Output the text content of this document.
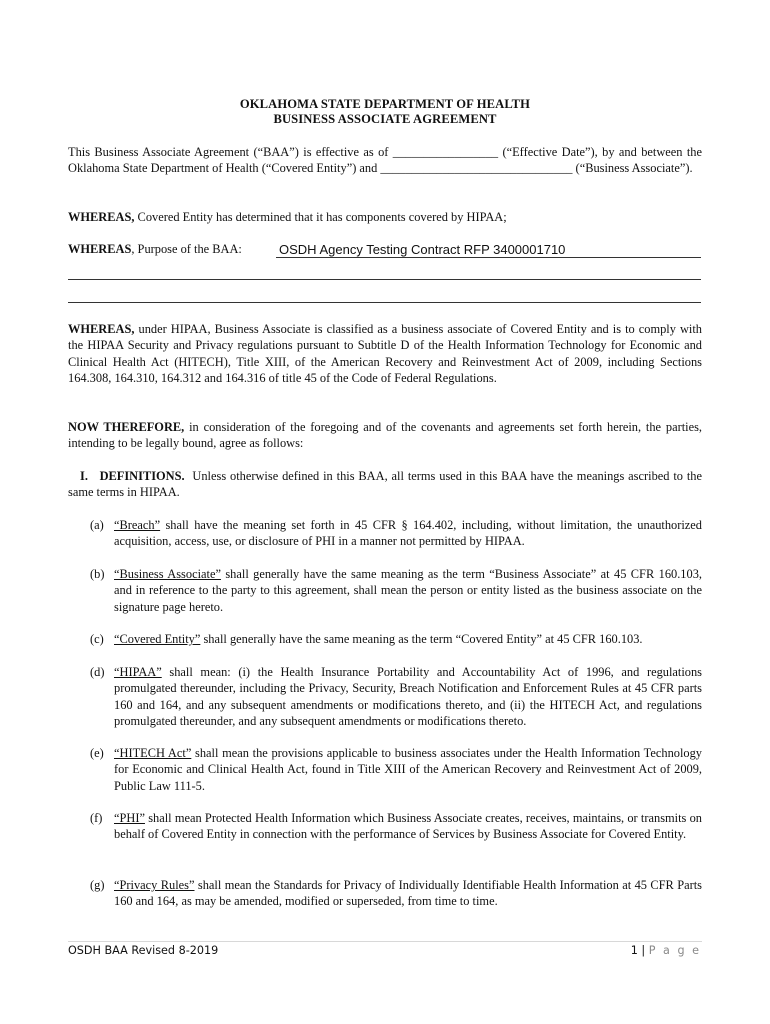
OKLAHOMA STATE DEPARTMENT OF HEALTH
BUSINESS ASSOCIATE AGREEMENT
This Business Associate Agreement (“BAA”) is effective as of _________________ (“Effective Date”), by and between the Oklahoma State Department of Health (“Covered Entity”) and _______________________________ (“Business Associate”).
WHEREAS, Covered Entity has determined that it has components covered by HIPAA;
WHEREAS, Purpose of the BAA:	OSDH Agency Testing Contract RFP 3400001710
WHEREAS, under HIPAA, Business Associate is classified as a business associate of Covered Entity and is to comply with the HIPAA Security and Privacy regulations pursuant to Subtitle D of the Health Information Technology for Economic and Clinical Health Act (HITECH), Title XIII, of the American Recovery and Reinvestment Act of 2009, including Sections 164.308, 164.310, 164.312 and 164.316 of title 45 of the Code of Federal Regulations.
NOW THEREFORE, in consideration of the foregoing and of the covenants and agreements set forth herein, the parties, intending to be legally bound, agree as follows:
I. DEFINITIONS. Unless otherwise defined in this BAA, all terms used in this BAA have the meanings ascribed to the same terms in HIPAA.
(a) “Breach” shall have the meaning set forth in 45 CFR § 164.402, including, without limitation, the unauthorized acquisition, access, use, or disclosure of PHI in a manner not permitted by HIPAA.
(b) “Business Associate” shall generally have the same meaning as the term “Business Associate” at 45 CFR 160.103, and in reference to the party to this agreement, shall mean the person or entity listed as the business associate on the signature page hereto.
(c) “Covered Entity” shall generally have the same meaning as the term “Covered Entity” at 45 CFR 160.103.
(d) “HIPAA” shall mean: (i) the Health Insurance Portability and Accountability Act of 1996, and regulations promulgated thereunder, including the Privacy, Security, Breach Notification and Enforcement Rules at 45 CFR parts 160 and 164, and any subsequent amendments or modifications thereto, and (ii) the HITECH Act, and regulations promulgated thereunder, and any subsequent amendments or modifications thereto.
(e) “HITECH Act” shall mean the provisions applicable to business associates under the Health Information Technology for Economic and Clinical Health Act, found in Title XIII of the American Recovery and Reinvestment Act of 2009, Public Law 111-5.
(f) “PHI” shall mean Protected Health Information which Business Associate creates, receives, maintains, or transmits on behalf of Covered Entity in connection with the performance of Services by Business Associate for Covered Entity.
(g) “Privacy Rules” shall mean the Standards for Privacy of Individually Identifiable Health Information at 45 CFR Parts 160 and 164, as may be amended, modified or superseded, from time to time.
OSDH BAA Revised 8-2019	1 | P a g e
